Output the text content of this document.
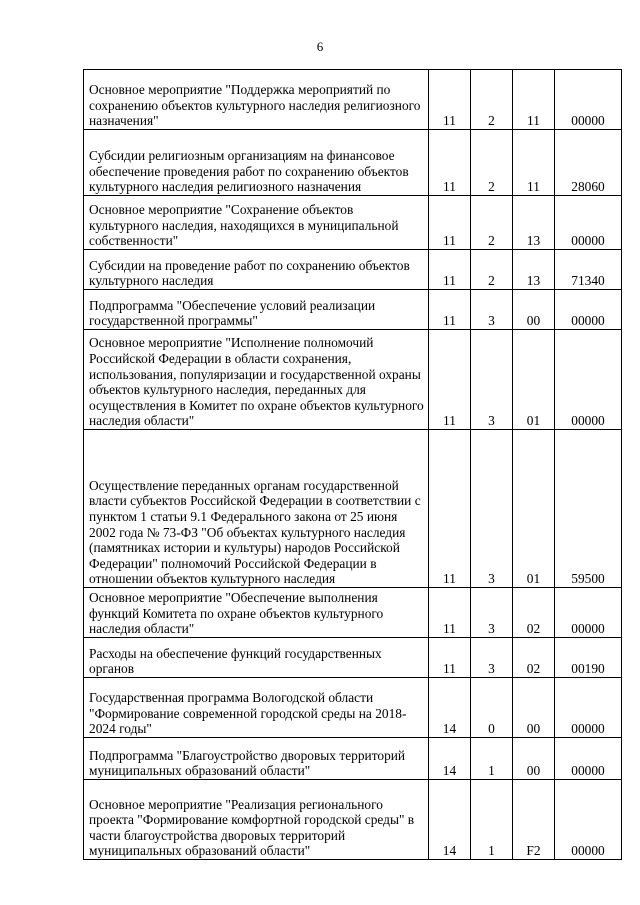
6
Основное мероприятие "Поддержка мероприятий по сохранению объектов культурного наследия религиозного назначения"	11	2	11	00000
Субсидии религиозным организациям на финансовое обеспечение проведения работ по сохранению объектов культурного наследия религиозного назначения	11	2	11	28060
Основное мероприятие "Сохранение объектов культурного наследия, находящихся в муниципальной собственности"	11	2	13	00000
Субсидии на проведение работ по сохранению объектов культурного наследия	11	2	13	71340
Подпрограмма "Обеспечение условий реализации государственной программы"	11	3	00	00000
Основное мероприятие "Исполнение полномочий Российской Федерации в области сохранения, использования, популяризации и государственной охраны объектов культурного наследия, переданных для осуществления в Комитет по охране объектов культурного наследия области"	11	3	01	00000
Осуществление переданных органам государственной власти субъектов Российской Федерации в соответствии с пунктом 1 статьи 9.1 Федерального закона от 25 июня 2002 года № 73-ФЗ "Об объектах культурного наследия (памятниках истории и культуры) народов Российской Федерации" полномочий Российской Федерации в отношении объектов культурного наследия	11	3	01	59500
Основное мероприятие "Обеспечение выполнения функций Комитета по охране объектов культурного наследия области"	11	3	02	00000
Расходы на обеспечение функций государственных органов	11	3	02	00190
Государственная программа Вологодской области "Формирование современной городской среды на 2018-2024 годы"	14	0	00	00000
Подпрограмма "Благоустройство дворовых территорий муниципальных образований области"	14	1	00	00000
Основное мероприятие "Реализация регионального проекта "Формирование комфортной городской среды" в части благоустройства дворовых территорий муниципальных образований области"	14	1	F2	00000
